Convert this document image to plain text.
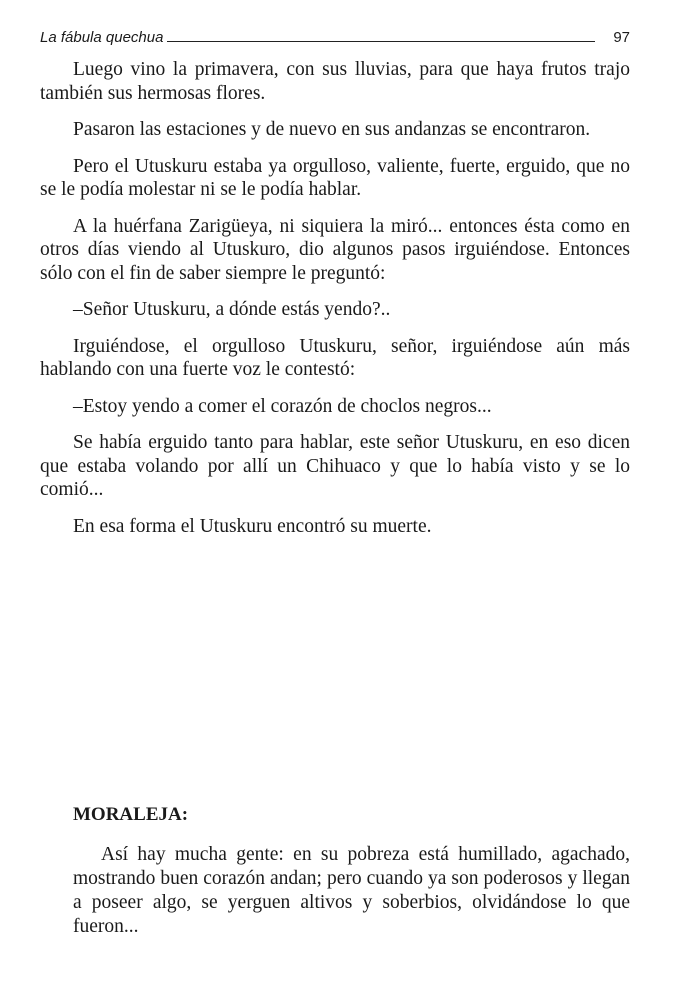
La fábula quechua	97

Luego vino la primavera, con sus lluvias, para que haya frutos trajo también sus hermosas flores.

Pasaron las estaciones y de nuevo en sus andanzas se encontraron.

Pero el Utuskuru estaba ya orgulloso, valiente, fuerte, erguido, que no se le podía molestar ni se le podía hablar.

A la huérfana Zarigüeya, ni siquiera la miró... entonces ésta como en otros días viendo al Utuskuro, dio algunos pasos irguiéndose. Entonces sólo con el fin de saber siempre le preguntó:

–Señor Utuskuru, a dónde estás yendo?..

Irguiéndose, el orgulloso Utuskuru, señor, irguiéndose aún más hablando con una fuerte voz le contestó:

–Estoy yendo a comer el corazón de choclos negros...

Se había erguido tanto para hablar, este señor Utuskuru, en eso dicen que estaba volando por allí un Chihuaco y que lo había visto y se lo comió...

En esa forma el Utuskuru encontró su muerte.

MORALEJA:

Así hay mucha gente: en su pobreza está humillado, agachado, mostrando buen corazón andan; pero cuando ya son poderosos y llegan a poseer algo, se yerguen altivos y soberbios, olvidándose lo que fueron...
